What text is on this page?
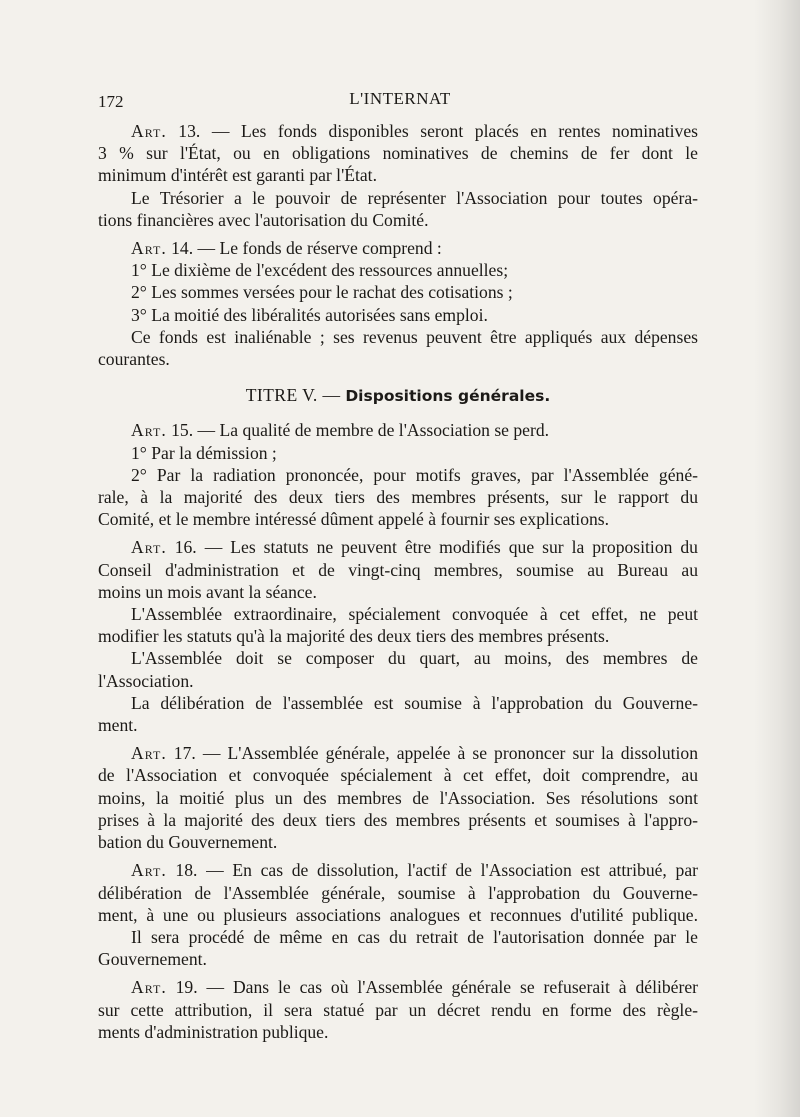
172	L'INTERNAT
Art. 13. — Les fonds disponibles seront placés en rentes nominatives
3 % sur l'État, ou en obligations nominatives de chemins de fer dont le
minimum d'intérêt est garanti par l'État.
Le Trésorier a le pouvoir de représenter l'Association pour toutes opéra-
tions financières avec l'autorisation du Comité.
Art. 14. — Le fonds de réserve comprend :
1° Le dixième de l'excédent des ressources annuelles;
2° Les sommes versées pour le rachat des cotisations ;
3° La moitié des libéralités autorisées sans emploi.
Ce fonds est inaliénable ; ses revenus peuvent être appliqués aux dépenses
courantes.
TITRE V. — Dispositions générales.
Art. 15. — La qualité de membre de l'Association se perd.
1° Par la démission ;
2° Par la radiation prononcée, pour motifs graves, par l'Assemblée géné-
rale, à la majorité des deux tiers des membres présents, sur le rapport du
Comité, et le membre intéressé dûment appelé à fournir ses explications.
Art. 16. — Les statuts ne peuvent être modifiés que sur la proposition du
Conseil d'administration et de vingt-cinq membres, soumise au Bureau au
moins un mois avant la séance.
L'Assemblée extraordinaire, spécialement convoquée à cet effet, ne peut
modifier les statuts qu'à la majorité des deux tiers des membres présents.
L'Assemblée doit se composer du quart, au moins, des membres de
l'Association.
La délibération de l'assemblée est soumise à l'approbation du Gouverne-
ment.
Art. 17. — L'Assemblée générale, appelée à se prononcer sur la dissolution
de l'Association et convoquée spécialement à cet effet, doit comprendre, au
moins, la moitié plus un des membres de l'Association. Ses résolutions sont
prises à la majorité des deux tiers des membres présents et soumises à l'appro-
bation du Gouvernement.
Art. 18. — En cas de dissolution, l'actif de l'Association est attribué, par
délibération de l'Assemblée générale, soumise à l'approbation du Gouverne-
ment, à une ou plusieurs associations analogues et reconnues d'utilité publique.
Il sera procédé de même en cas du retrait de l'autorisation donnée par le
Gouvernement.
Art. 19. — Dans le cas où l'Assemblée générale se refuserait à délibérer
sur cette attribution, il sera statué par un décret rendu en forme des règle-
ments d'administration publique.
